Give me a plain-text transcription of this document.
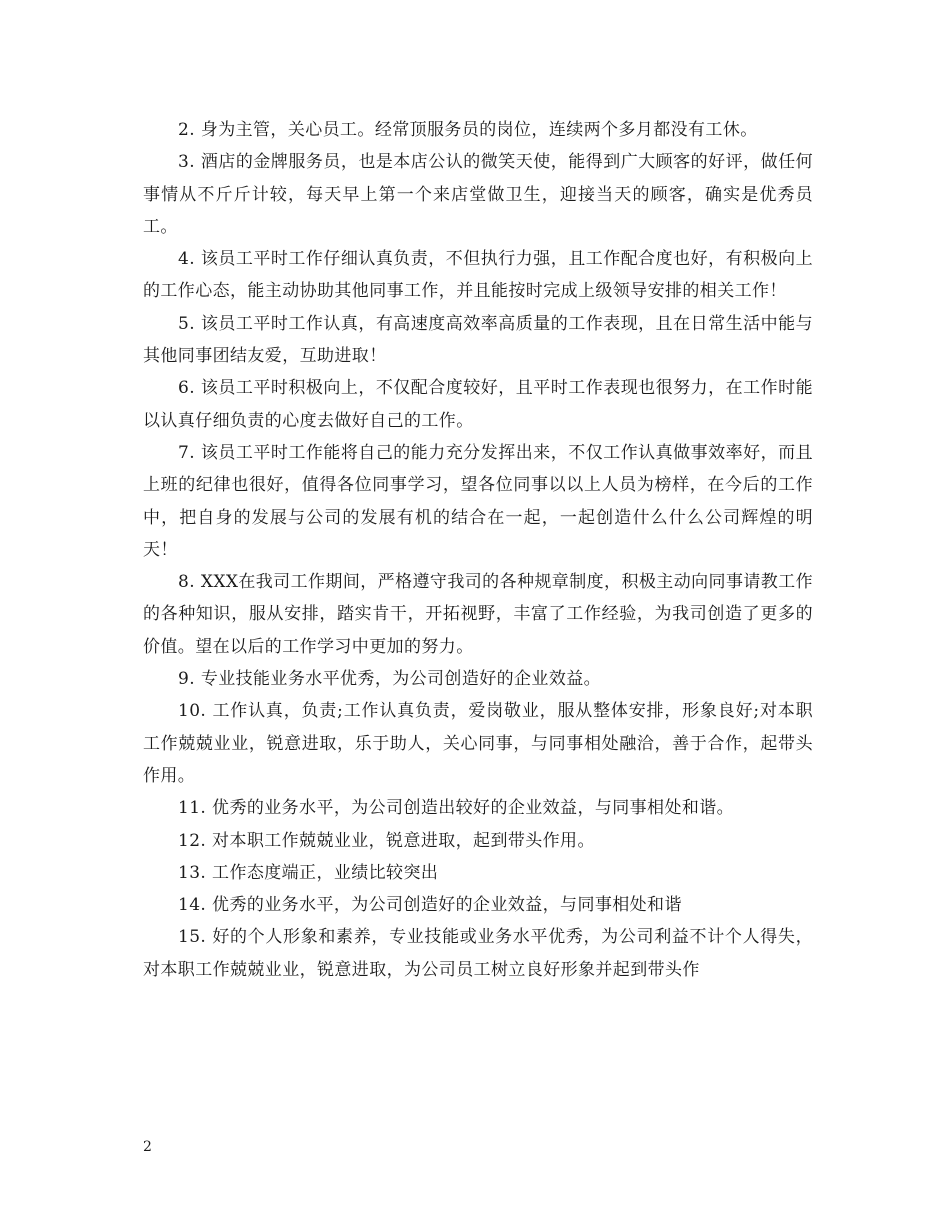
2. 身为主管，关心员工。经常顶服务员的岗位，连续两个多月都没有工休。

3. 酒店的金牌服务员，也是本店公认的微笑天使，能得到广大顾客的好评，做任何事情从不斤斤计较，每天早上第一个来店堂做卫生，迎接当天的顾客，确实是优秀员工。

4. 该员工平时工作仔细认真负责，不但执行力强，且工作配合度也好，有积极向上的工作心态，能主动协助其他同事工作，并且能按时完成上级领导安排的相关工作！

5. 该员工平时工作认真，有高速度高效率高质量的工作表现，且在日常生活中能与其他同事团结友爱，互助进取！

6. 该员工平时积极向上，不仅配合度较好，且平时工作表现也很努力，在工作时能以认真仔细负责的心度去做好自己的工作。

7. 该员工平时工作能将自己的能力充分发挥出来，不仅工作认真做事效率好，而且上班的纪律也很好，值得各位同事学习，望各位同事以以上人员为榜样，在今后的工作中，把自身的发展与公司的发展有机的结合在一起，一起创造什么什么公司辉煌的明天！

8. XXX在我司工作期间，严格遵守我司的各种规章制度，积极主动向同事请教工作的各种知识，服从安排，踏实肯干，开拓视野，丰富了工作经验，为我司创造了更多的价值。望在以后的工作学习中更加的努力。

9. 专业技能业务水平优秀，为公司创造好的企业效益。

10. 工作认真，负责;工作认真负责，爱岗敬业，服从整体安排，形象良好;对本职工作兢兢业业，锐意进取，乐于助人，关心同事，与同事相处融洽，善于合作，起带头作用。

11. 优秀的业务水平，为公司创造出较好的企业效益，与同事相处和谐。

12. 对本职工作兢兢业业，锐意进取，起到带头作用。

13. 工作态度端正，业绩比较突出

14. 优秀的业务水平，为公司创造好的企业效益，与同事相处和谐

15. 好的个人形象和素养，专业技能或业务水平优秀，为公司利益不计个人得失，对本职工作兢兢业业，锐意进取，为公司员工树立良好形象并起到带头作

2
